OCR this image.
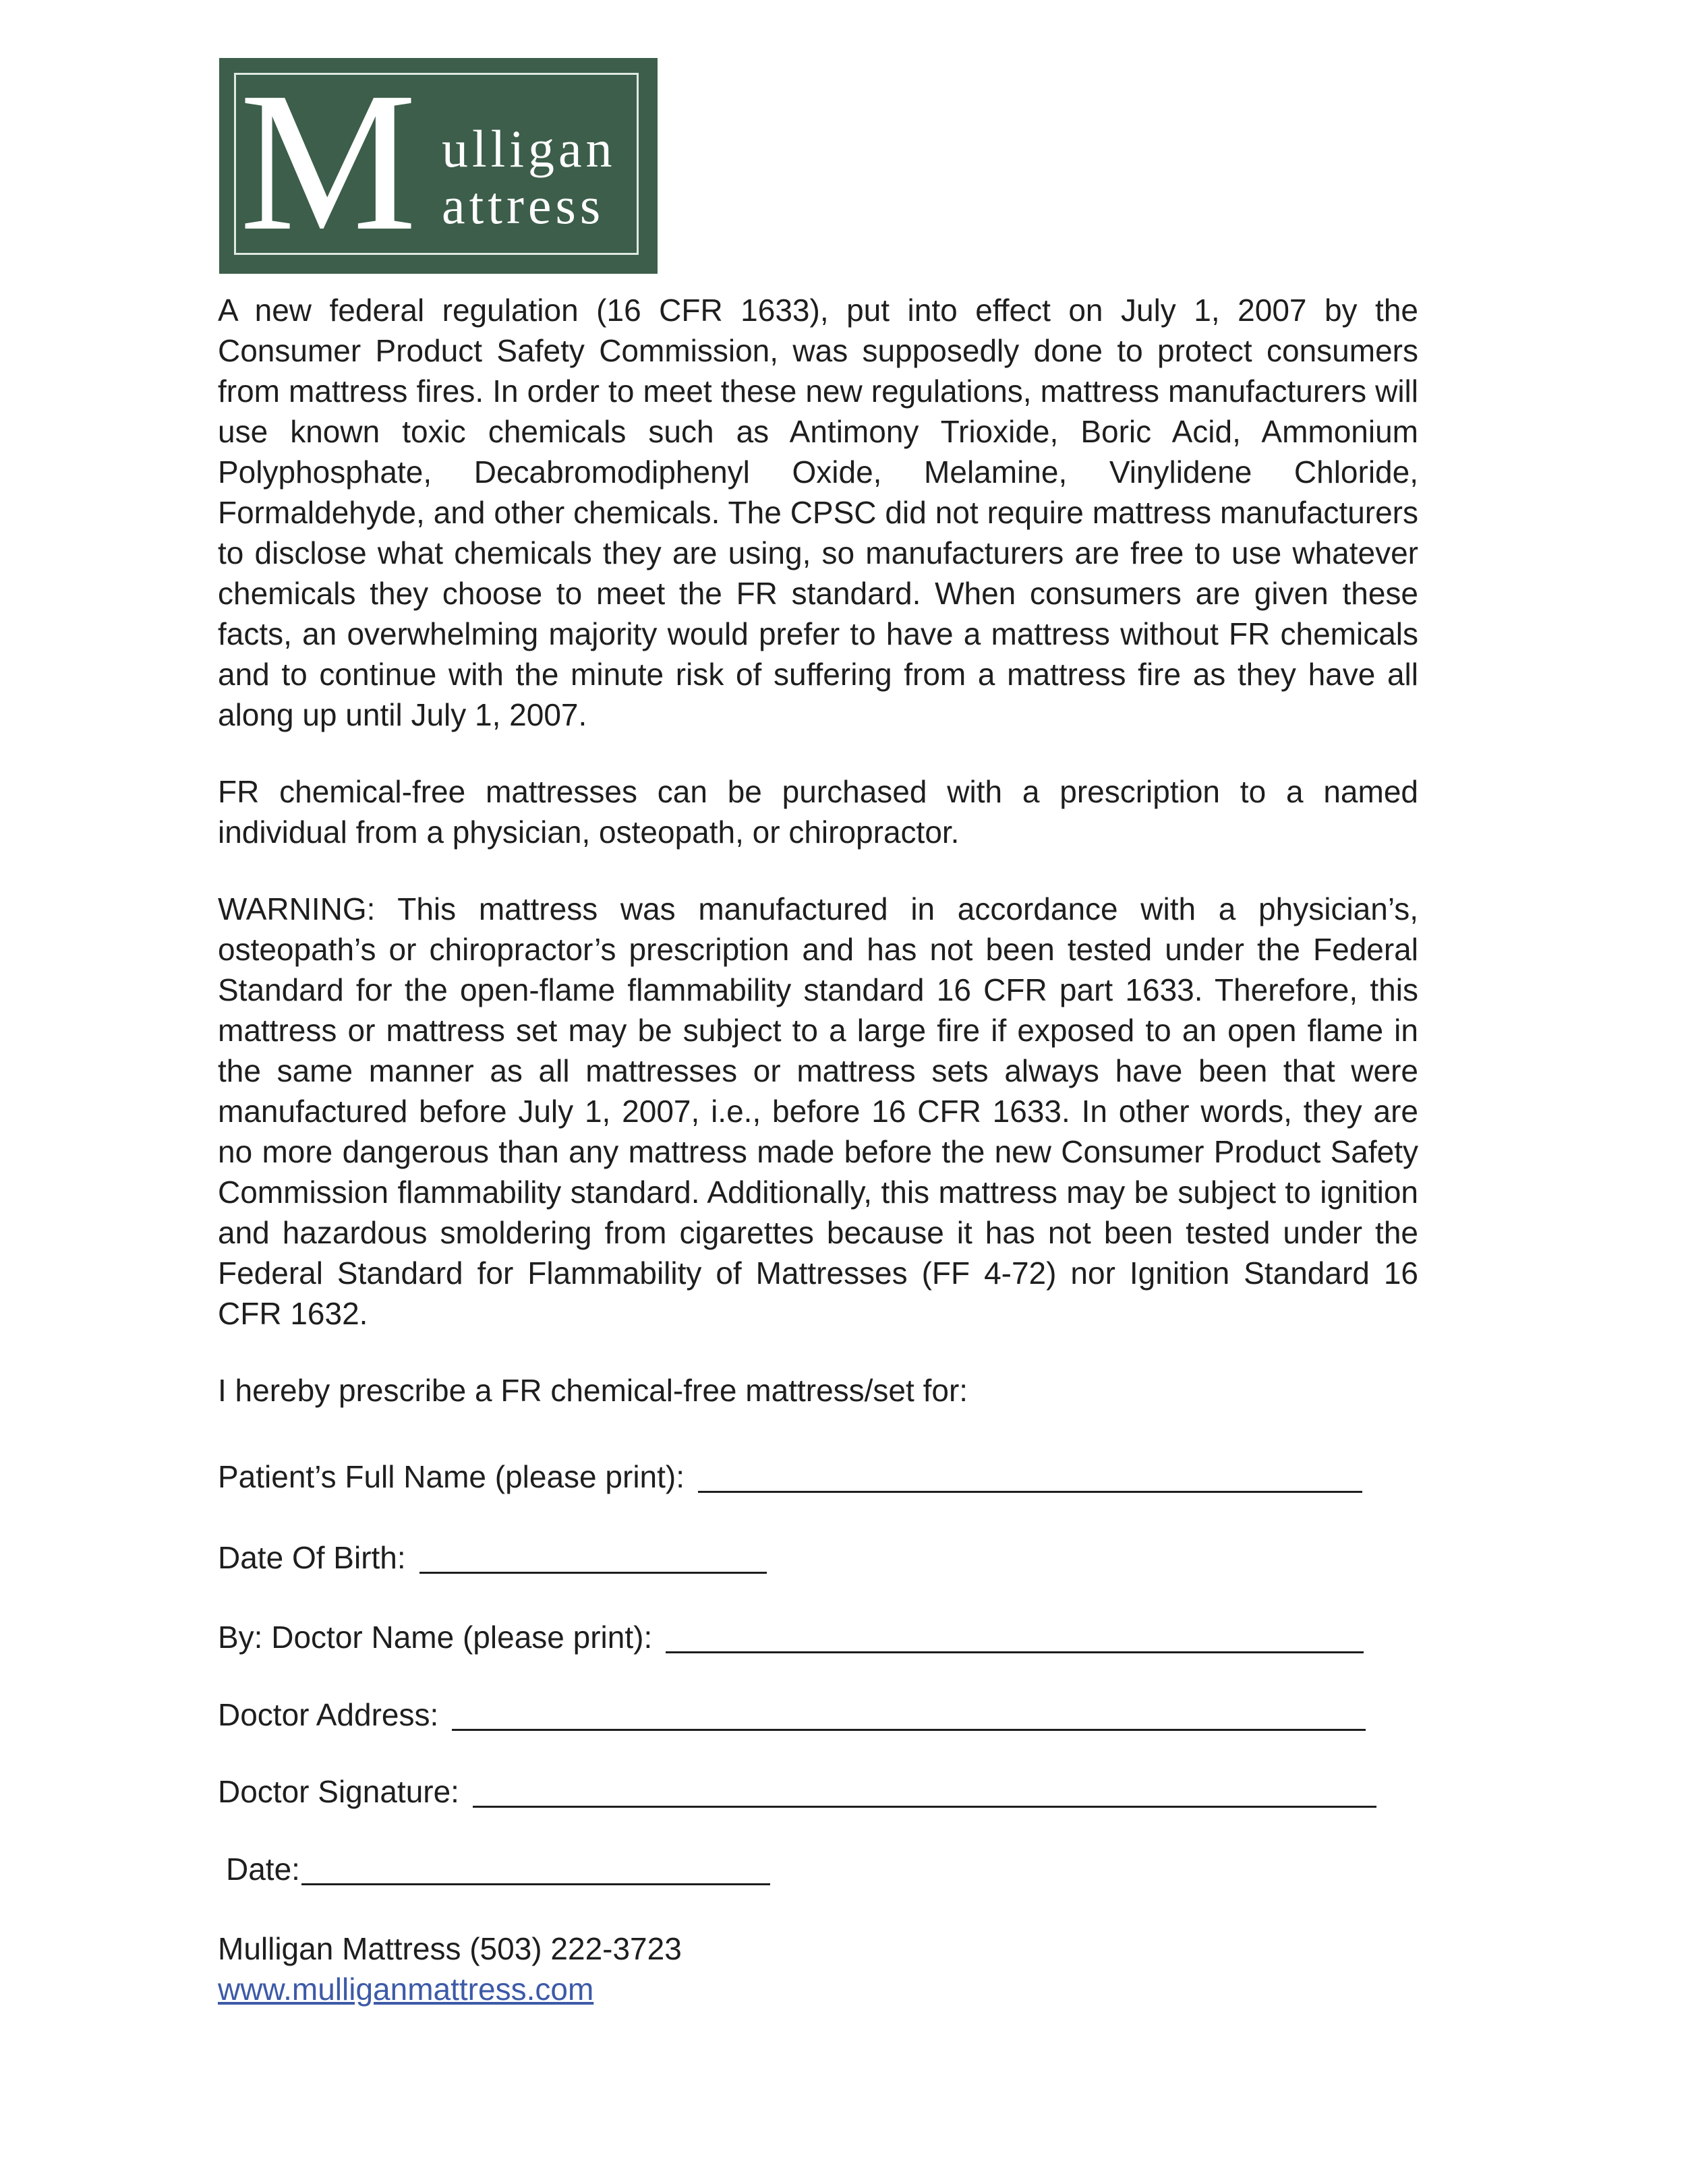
M ulligan
attress

A new federal regulation (16 CFR 1633), put into effect on July 1, 2007 by the Consumer Product Safety Commission, was supposedly done to protect consumers from mattress fires. In order to meet these new regulations, mattress manufacturers will use known toxic chemicals such as Antimony Trioxide, Boric Acid, Ammonium Polyphosphate, Decabromodiphenyl Oxide, Melamine, Vinylidene Chloride, Formaldehyde, and other chemicals. The CPSC did not require mattress manufacturers to disclose what chemicals they are using, so manufacturers are free to use whatever chemicals they choose to meet the FR standard. When consumers are given these facts, an overwhelming majority would prefer to have a mattress without FR chemicals and to continue with the minute risk of suffering from a mattress fire as they have all along up until July 1, 2007.

FR chemical-free mattresses can be purchased with a prescription to a named individual from a physician, osteopath, or chiropractor.

WARNING: This mattress was manufactured in accordance with a physician’s, osteopath’s or chiropractor’s prescription and has not been tested under the Federal Standard for the open-flame flammability standard 16 CFR part 1633. Therefore, this mattress or mattress set may be subject to a large fire if exposed to an open flame in the same manner as all mattresses or mattress sets always have been that were manufactured before July 1, 2007, i.e., before 16 CFR 1633. In other words, they are no more dangerous than any mattress made before the new Consumer Product Safety Commission flammability standard. Additionally, this mattress may be subject to ignition and hazardous smoldering from cigarettes because it has not been tested under the Federal Standard for Flammability of Mattresses (FF 4-72) nor Ignition Standard 16 CFR 1632.

I hereby prescribe a FR chemical-free mattress/set for:

Patient’s Full Name (please print):
Date Of Birth:
By: Doctor Name (please print):
Doctor Address:
Doctor Signature:
Date:
Mulligan Mattress (503) 222-3723
www.mulliganmattress.com
